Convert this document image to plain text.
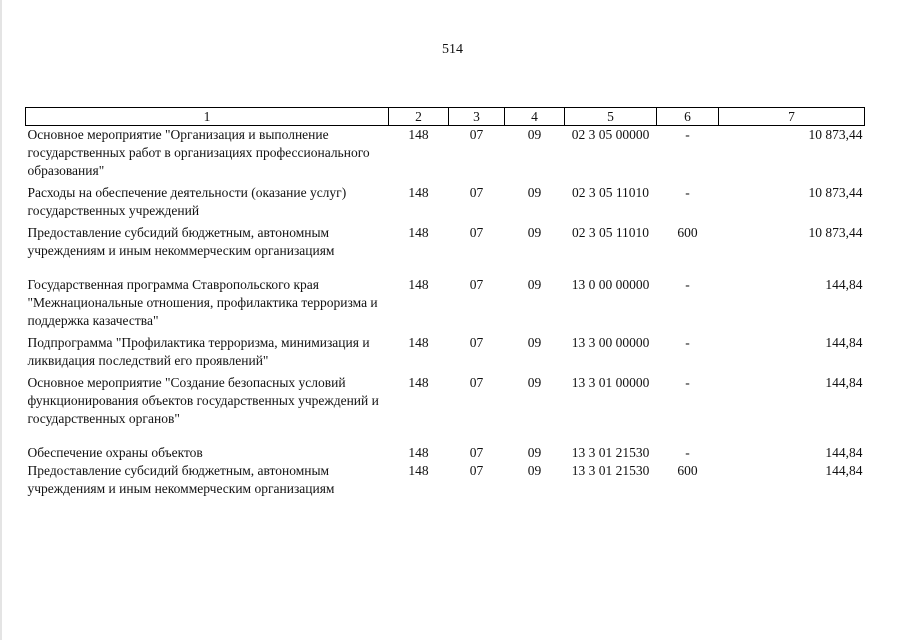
514
1	2	3	4	5	6	7
Основное мероприятие "Организация и выполнение государственных работ в организациях профессионального образования"	148	07	09	02 3 05 00000	-	10 873,44

Расходы на обеспечение деятельности (оказание услуг) государственных учреждений	148	07	09	02 3 05 11010	-	10 873,44

Предоставление субсидий бюджетным, автономным учреждениям и иным некоммерческим организациям	148	07	09	02 3 05 11010	600	10 873,44

Государственная программа Ставропольского края "Межнациональные отношения, профилактика терроризма и поддержка казачества"	148	07	09	13 0 00 00000	-	144,84

Подпрограмма "Профилактика терроризма, минимизация и ликвидация последствий его проявлений"	148	07	09	13 3 00 00000	-	144,84

Основное мероприятие "Создание безопасных условий функционирования объектов государственных учреждений и государственных органов"	148	07	09	13 3 01 00000	-	144,84

Обеспечение охраны объектов	148	07	09	13 3 01 21530	-	144,84
Предоставление субсидий бюджетным, автономным учреждениям и иным некоммерческим организациям	148	07	09	13 3 01 21530	600	144,84
